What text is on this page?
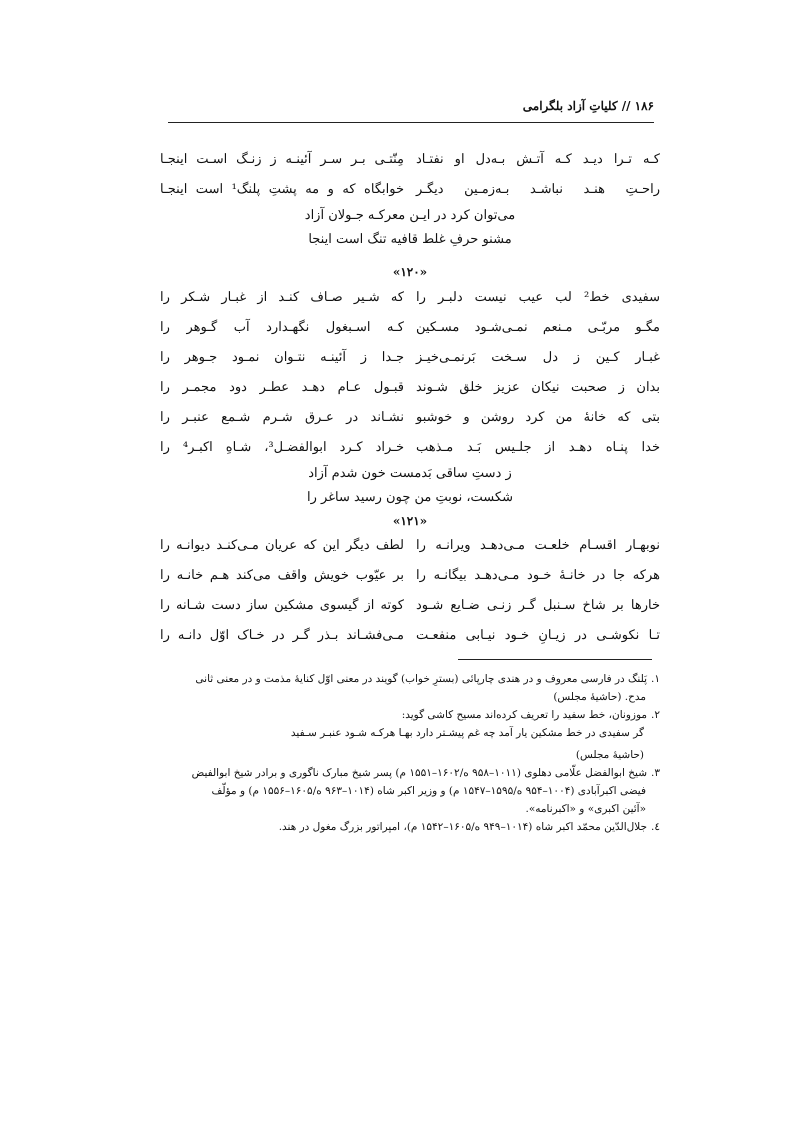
۱۸۶ // کلیاتِ آزاد بلگرامی
کـه تـرا دیـد کـه آتـش بـه‌دل او نفتـاد
مِنّتـی بـر سـر آئینـه ز زنـگ اسـت اینجـا
راحـتِ هنـد نباشـد بـه‌زمـین دیگـر
خوابگاه که و مه پشتِ پلنگ¹ است اینجـا
می‌توان کرد در ایـن معرکـه جـولان آزاد
مشنو حرفِ غلط قافیه تنگ است اینجا
«۱۲۰»
سفیدی خط² لب عیب نیست دلبـر را
که شـیر صـاف کنـد از غبـار شـکر را
مگـو مربّـی مـنعم نمـی‌شـود مسـکین
کـه اسـبغول نگهـدارد آب گـوهر را
غبـار کـین ز دل سـخت بَرنمـی‌خیـز
جـدا ز آئینـه نتـوان نمـود جـوهر را
بدان ز صحبت نیکان عزیز خلق شـوند
قبـول عـام دهـد عطـر دود مجمـر را
بتی که خانهٔ من کرد روشن و خوشبو
نشـاند در عـرق شـرم شـمع عنبـر را
خدا پنـاه دهـد از جلـیس بَـد مـذهب
خـراد کـرد ابوالفضـل³، شـاهِ اکبـر⁴ را
ز دستِ ساقی بَدمست خون شدم آزاد
شکست، نوبتِ من چون رسید ساغر را
«۱۲۱»
نوبهـار اقسـام خلعـت مـی‌دهـد ویرانـه را
لطف دیگر این که عریان مـی‌کنـد دیوانـه را
هرکه جا در خانـهٔ خـود مـی‌دهـد بیگانـه را
بر عیّوب خویش واقف می‌کند هـم خانـه را
خارها بر شاخ سـنبل گـر زنـی ضـایع شـود
کوته از گیسوی مشکین ساز دست شـانه را
تـا نکوشـی در زیـانِ خـود نیـابی منفعـت
مـی‌فشـاند بـذر گـر در خـاک اوّل دانـه را
۱.پَلنگ در فارسی معروف و در هندی چارپائی (بسترِ خواب) گویند در معنی اوّل کنایهٔ مذمت و در معنی ثانی
مدح. (حاشیهٔ مجلس)
۲.موزونان، خط سفید را تعریف کرده‌اند مسیح کاشی گوید:
گر سفیدی در خط مشکین یار آمد چه غم پیشـتر دارد بهـا هرکـه شـود عنبـر سـفید
(حاشیهٔ مجلس)
۳.شیخ ابوالفضل علّامی دهلوی (۱۰۱۱–۹۵۸ ه/۱۶۰۲–۱۵۵۱ م) پسر شیخ مبارک ناگوری و برادر شیخ ابوالفیض
فیضی اکبرآبادی (۱۰۰۴–۹۵۴ ه/۱۵۹۵–۱۵۴۷ م) و وزیر اکبر شاه (۱۰۱۴–۹۶۳ ه/۱۶۰۵–۱۵۵۶ م) و مؤلّف
«آئین اکبری» و «اکبرنامه».
٤.جلال‌الدّین محمّد اکبر شاه (۱۰۱۴–۹۴۹ ه/۱۶۰۵–۱۵۴۲ م)، امپراتور بزرگ مغول در هند.
